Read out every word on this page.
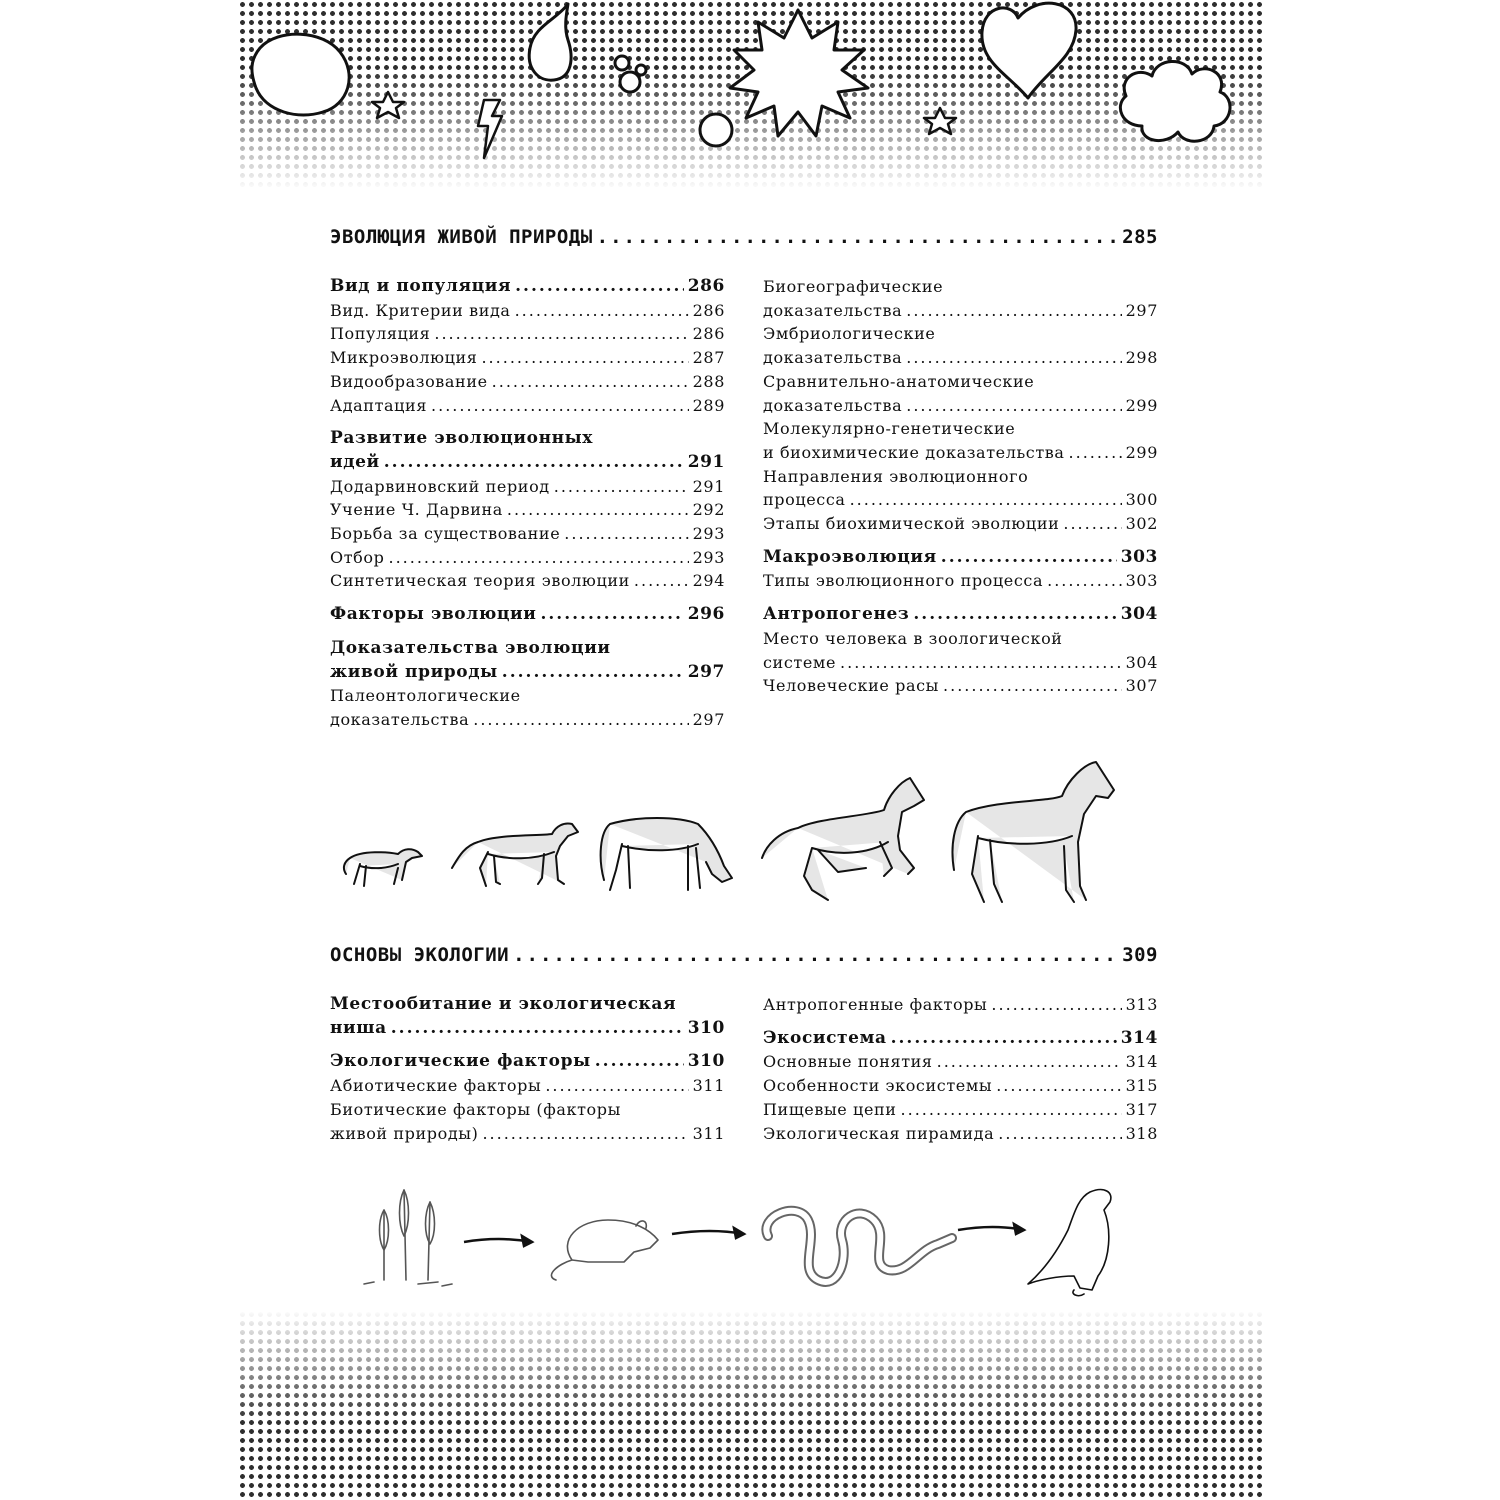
ЭВОЛЮЦИЯ ЖИВОЙ ПРИРОДЫ .....	285
Вид и популяция .....	286
Вид. Критерии вида .....	286
Популяция .....	286
Микроэволюция .....	287
Видообразование .....	288
Адаптация .....	289
Развитие эволюционных
идей .....	291
Додарвиновский период .....	291
Учение Ч. Дарвина .....	292
Борьба за существование .....	293
Отбор .....	293
Синтетическая теория эволюции .....	294
Факторы эволюции .....	296
Доказательства эволюции
живой природы .....	297
Палеонтологические
доказательства .....	297
Биогеографические
доказательства .....	297
Эмбриологические
доказательства .....	298
Сравнительно-анатомические
доказательства .....	299
Молекулярно-генетические
и биохимические доказательства .....	299
Направления эволюционного
процесса .....	300
Этапы биохимической эволюции .....	302
Макроэволюция .....	303
Типы эволюционного процесса .....	303
Антропогенез .....	304
Место человека в зоологической
системе .....	304
Человеческие расы .....	307
ОСНОВЫ ЭКОЛОГИИ .....	309
Местообитание и экологическая
ниша .....	310
Экологические факторы .....	310
Абиотические факторы .....	311
Биотические факторы (факторы
живой природы) .....	311
Антропогенные факторы .....	313
Экосистема .....	314
Основные понятия .....	314
Особенности экосистемы .....	315
Пищевые цепи .....	317
Экологическая пирамида .....	318
